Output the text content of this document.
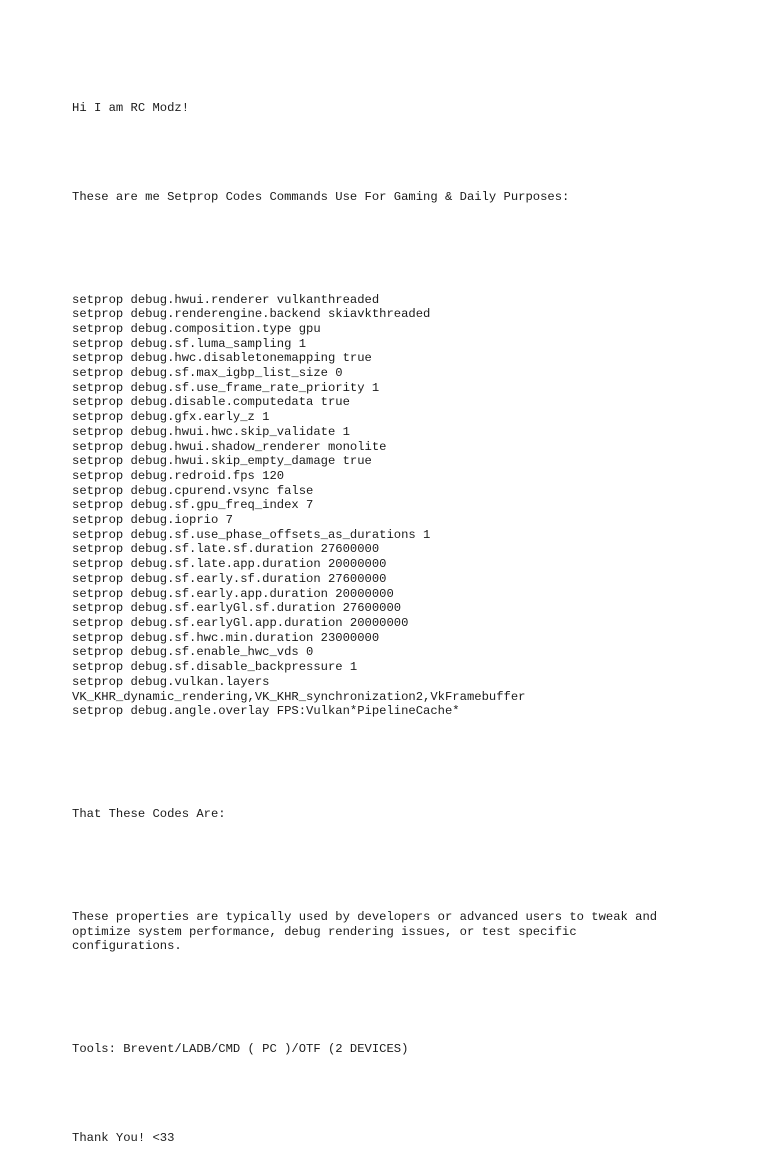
Hi I am RC Modz!

These are me Setprop Codes Commands Use For Gaming & Daily Purposes:

setprop debug.hwui.renderer vulkanthreaded
setprop debug.renderengine.backend skiavkthreaded
setprop debug.composition.type gpu
setprop debug.sf.luma_sampling 1
setprop debug.hwc.disabletonemapping true
setprop debug.sf.max_igbp_list_size 0
setprop debug.sf.use_frame_rate_priority 1
setprop debug.disable.computedata true
setprop debug.gfx.early_z 1
setprop debug.hwui.hwc.skip_validate 1
setprop debug.hwui.shadow_renderer monolite
setprop debug.hwui.skip_empty_damage true
setprop debug.redroid.fps 120
setprop debug.cpurend.vsync false
setprop debug.sf.gpu_freq_index 7
setprop debug.ioprio 7
setprop debug.sf.use_phase_offsets_as_durations 1
setprop debug.sf.late.sf.duration 27600000
setprop debug.sf.late.app.duration 20000000
setprop debug.sf.early.sf.duration 27600000
setprop debug.sf.early.app.duration 20000000
setprop debug.sf.earlyGl.sf.duration 27600000
setprop debug.sf.earlyGl.app.duration 20000000
setprop debug.sf.hwc.min.duration 23000000
setprop debug.sf.enable_hwc_vds 0
setprop debug.sf.disable_backpressure 1
setprop debug.vulkan.layers
VK_KHR_dynamic_rendering,VK_KHR_synchronization2,VkFramebuffer
setprop debug.angle.overlay FPS:Vulkan*PipelineCache*

That These Codes Are:

These properties are typically used by developers or advanced users to tweak and
optimize system performance, debug rendering issues, or test specific
configurations.

Tools: Brevent/LADB/CMD ( PC )/OTF (2 DEVICES)

Thank You! <33
